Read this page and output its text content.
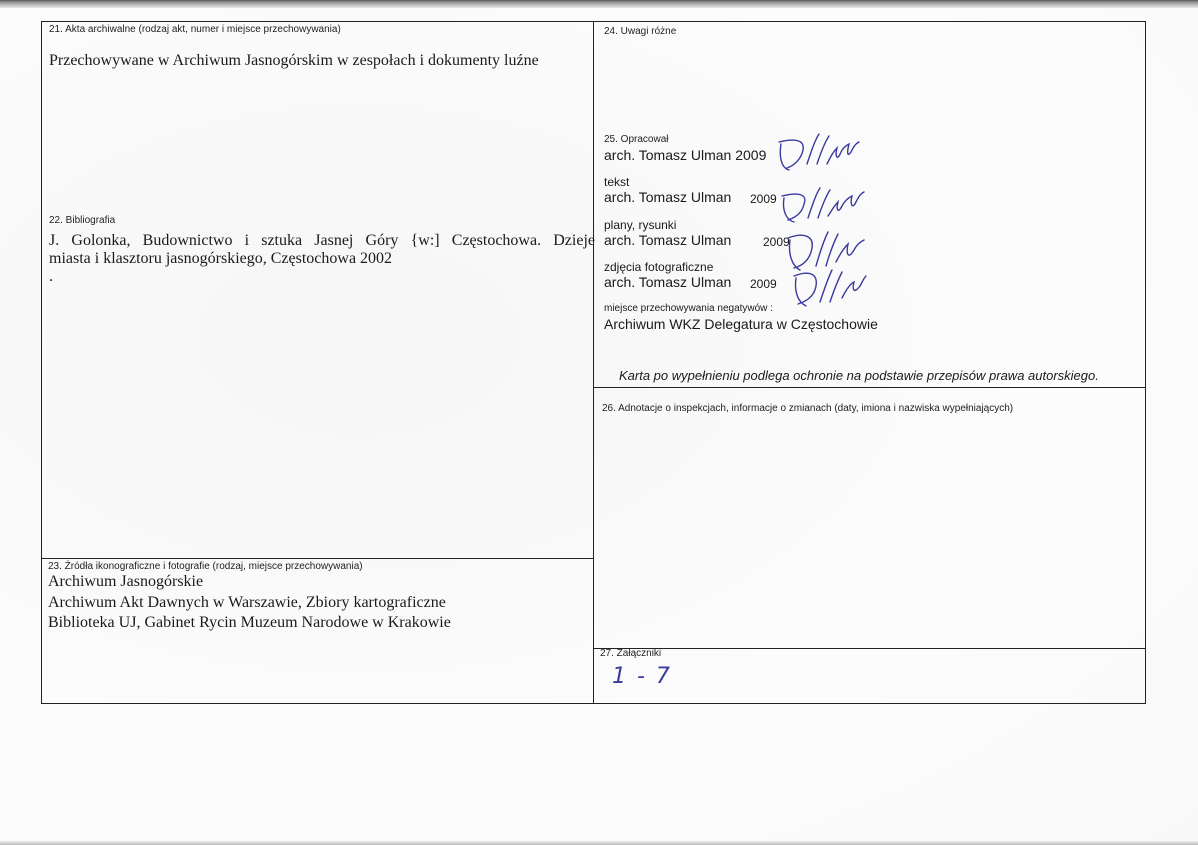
21. Akta archiwalne (rodzaj akt, numer i miejsce przechowywania)
Przechowywane w Archiwum Jasnogórskim w zespołach i dokumenty luźne
22. Bibliografia
J. Golonka, Budownictwo i sztuka Jasnej Góry {w:] Częstochowa. Dzieje
miasta i klasztoru jasnogórskiego, Częstochowa 2002
.
23. Źródła ikonograficzne i fotografie (rodzaj, miejsce przechowywania)
Archiwum Jasnogórskie
Archiwum Akt Dawnych w Warszawie, Zbiory kartograficzne
Biblioteka UJ, Gabinet Rycin Muzeum Narodowe w Krakowie
24. Uwagi różne
25. Opracował
arch. Tomasz Ulman 2009
tekst
arch. Tomasz Ulman 2009
plany, rysunki
arch. Tomasz Ulman	2009
zdjęcia fotograficzne
arch. Tomasz Ulman 2009
miejsce przechowywania negatywów :
Archiwum WKZ Delegatura w Częstochowie
Karta po wypełnieniu podlega ochronie na podstawie przepisów prawa autorskiego.
26. Adnotacje o inspekcjach, informacje o zmianach (daty, imiona i nazwiska wypełniających)
27. Załączniki
1 - 7
